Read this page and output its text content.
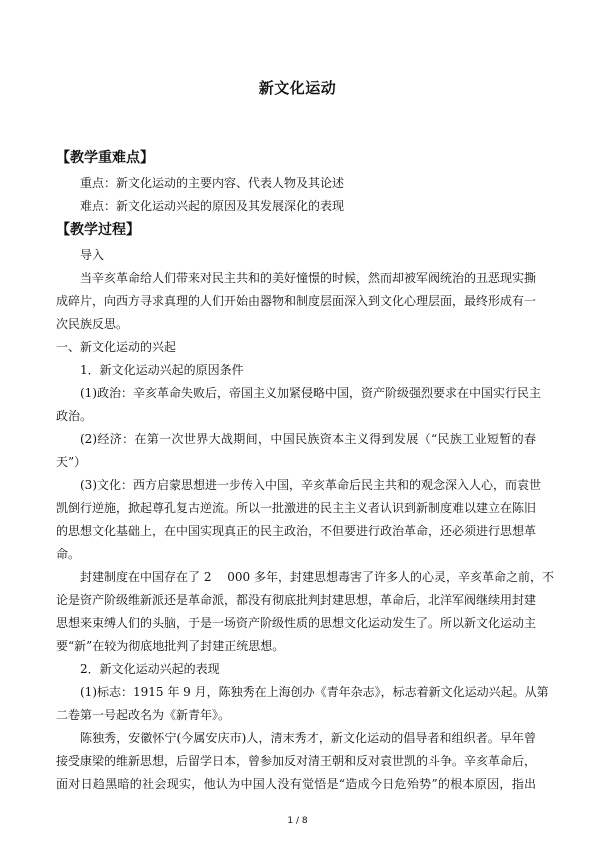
新文化运动
【教学重难点】
重点：新文化运动的主要内容、代表人物及其论述
难点：新文化运动兴起的原因及其发展深化的表现
【教学过程】
导入
当辛亥革命给人们带来对民主共和的美好憧憬的时候，然而却被军阀统治的丑恶现实撕
成碎片，向西方寻求真理的人们开始由器物和制度层面深入到文化心理层面，最终形成有一
次民族反思。
一、新文化运动的兴起
1．新文化运动兴起的原因条件
(1)政治：辛亥革命失败后，帝国主义加紧侵略中国，资产阶级强烈要求在中国实行民主
政治。
(2)经济：在第一次世界大战期间，中国民族资本主义得到发展（“民族工业短暂的春
天”）
(3)文化：西方启蒙思想进一步传入中国，辛亥革命后民主共和的观念深入人心，而袁世
凯倒行逆施，掀起尊孔复古逆流。所以一批激进的民主主义者认识到新制度难以建立在陈旧
的思想文化基础上，在中国实现真正的民主政治，不但要进行政治革命，还必须进行思想革
命。
封建制度在中国存在了 2　 000 多年，封建思想毒害了许多人的心灵，辛亥革命之前，不
论是资产阶级维新派还是革命派，都没有彻底批判封建思想，革命后，北洋军阀继续用封建
思想来束缚人们的头脑，于是一场资产阶级性质的思想文化运动发生了。所以新文化运动主
要“新”在较为彻底地批判了封建正统思想。
2．新文化运动兴起的表现
(1)标志：1915 年 9 月，陈独秀在上海创办《青年杂志》，标志着新文化运动兴起。从第
二卷第一号起改名为《新青年》。
陈独秀，安徽怀宁(今属安庆市)人，清末秀才，新文化运动的倡导者和组织者。早年曾
接受康梁的维新思想，后留学日本，曾参加反对清王朝和反对袁世凯的斗争。辛亥革命后，
面对日趋黑暗的社会现实，他认为中国人没有觉悟是“造成今日危殆势”的根本原因，指出
1 / 8
